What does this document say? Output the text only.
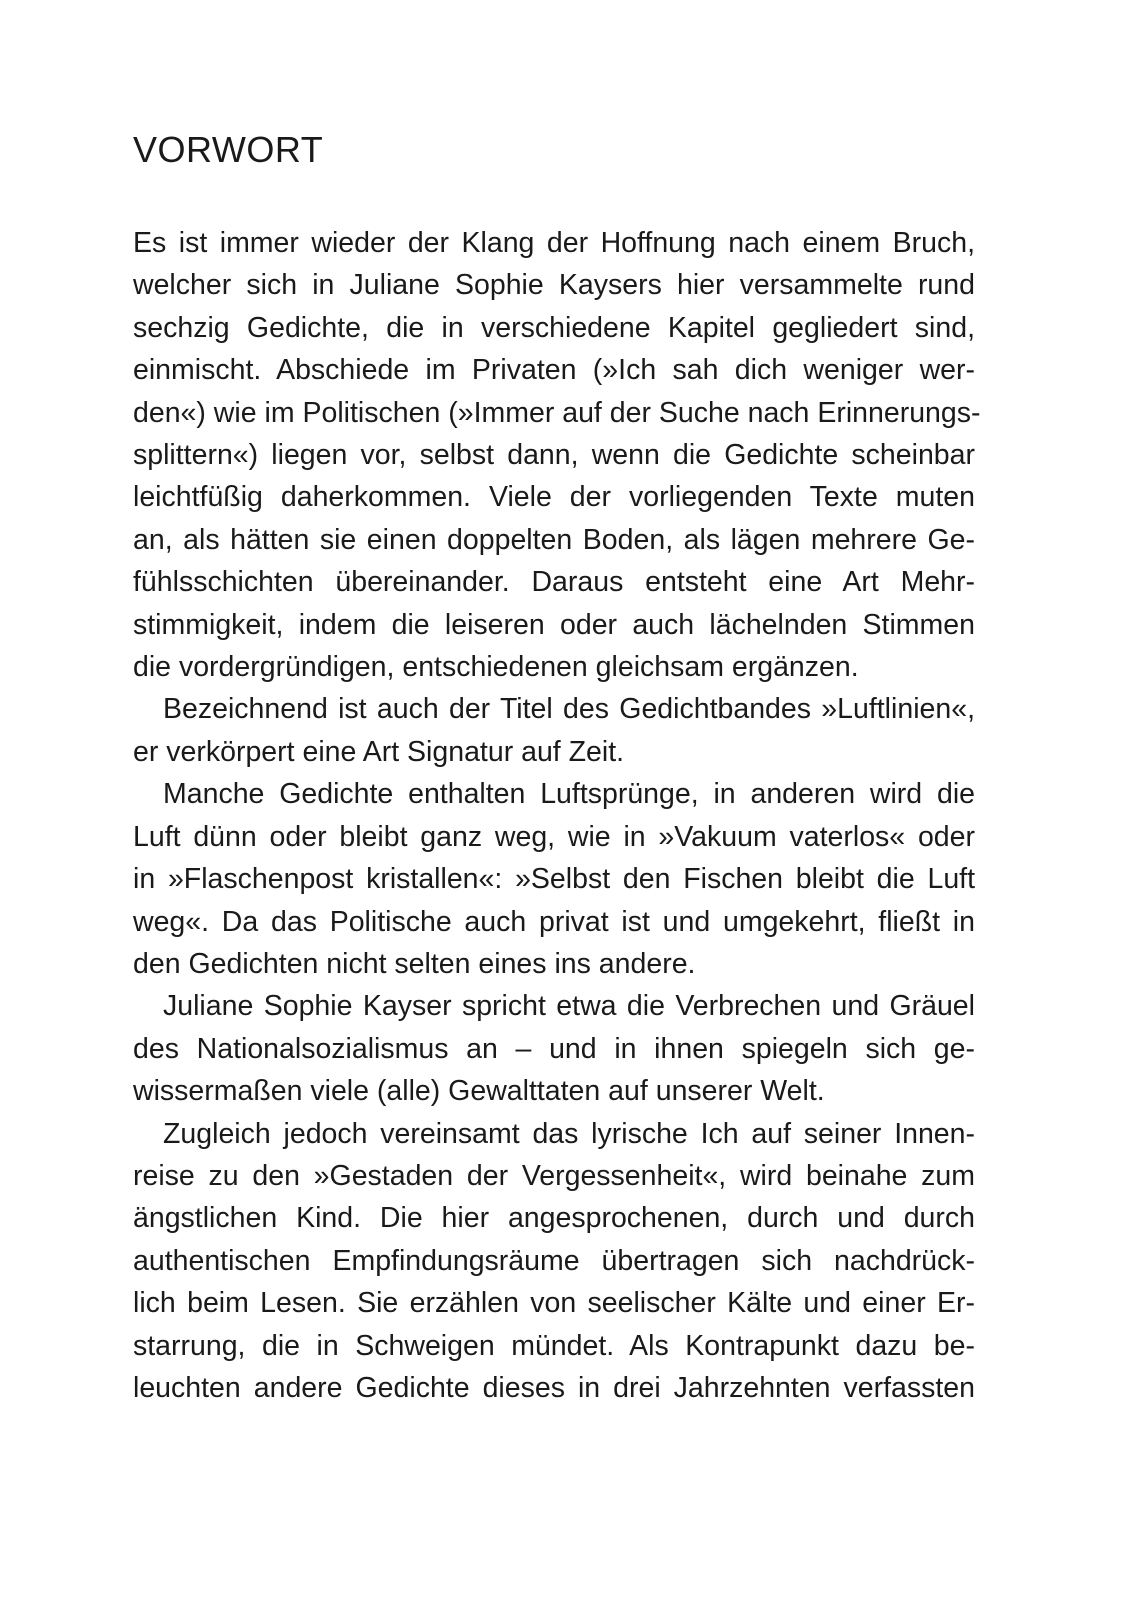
VORWORT
Es ist immer wieder der Klang der Hoffnung nach einem Bruch,
welcher sich in Juliane Sophie Kaysers hier versammelte rund
sechzig Gedichte, die in verschiedene Kapitel gegliedert sind,
einmischt. Abschiede im Privaten (»Ich sah dich weniger wer-
den«) wie im Politischen (»Immer auf der Suche nach Erinnerungs-
splittern«) liegen vor, selbst dann, wenn die Gedichte scheinbar
leichtfüßig daherkommen. Viele der vorliegenden Texte muten
an, als hätten sie einen doppelten Boden, als lägen mehrere Ge-
fühlsschichten übereinander. Daraus entsteht eine Art Mehr-
stimmigkeit, indem die leiseren oder auch lächelnden Stimmen
die vordergründigen, entschiedenen gleichsam ergänzen.
Bezeichnend ist auch der Titel des Gedichtbandes »Luftlinien«,
er verkörpert eine Art Signatur auf Zeit.
Manche Gedichte enthalten Luftsprünge, in anderen wird die
Luft dünn oder bleibt ganz weg, wie in »Vakuum vaterlos« oder
in »Flaschenpost kristallen«: »Selbst den Fischen bleibt die Luft
weg«. Da das Politische auch privat ist und umgekehrt, fließt in
den Gedichten nicht selten eines ins andere.
Juliane Sophie Kayser spricht etwa die Verbrechen und Gräuel
des Nationalsozialismus an – und in ihnen spiegeln sich ge-
wissermaßen viele (alle) Gewalttaten auf unserer Welt.
Zugleich jedoch vereinsamt das lyrische Ich auf seiner Innen-
reise zu den »Gestaden der Vergessenheit«, wird beinahe zum
ängstlichen Kind. Die hier angesprochenen, durch und durch
authentischen Empfindungsräume übertragen sich nachdrück-
lich beim Lesen. Sie erzählen von seelischer Kälte und einer Er-
starrung, die in Schweigen mündet. Als Kontrapunkt dazu be-
leuchten andere Gedichte dieses in drei Jahrzehnten verfassten
